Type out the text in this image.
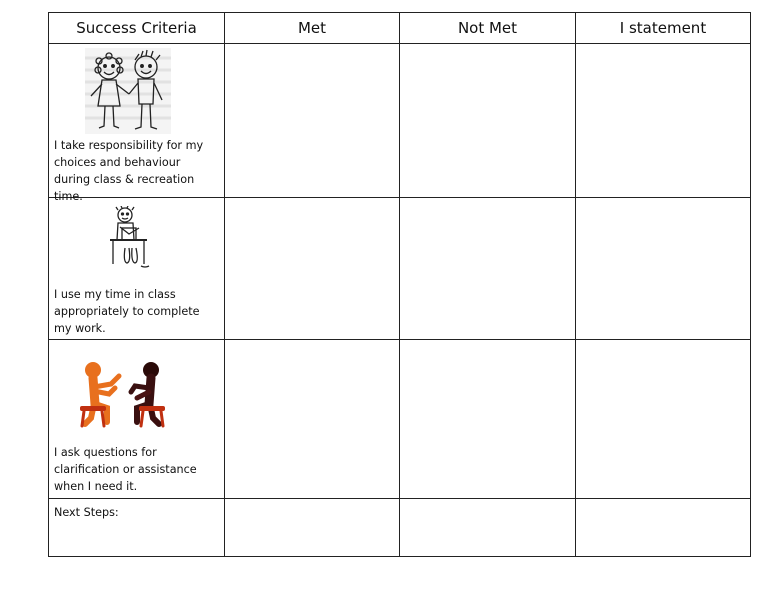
Success Criteria	Met	Not Met	I statement

I take responsibility for my choices and behaviour during class & recreation time.			

I use my time in class appropriately to complete my work.			

I ask questions for clarification or assistance when I need it.			

Next Steps:			
